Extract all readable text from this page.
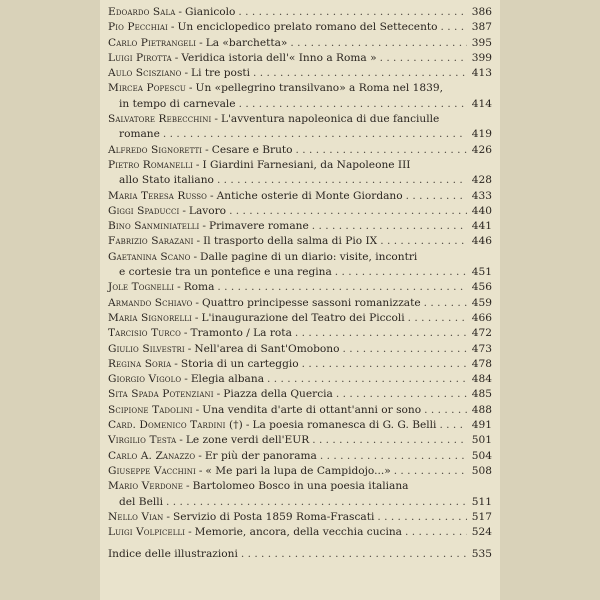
Edoardo Sala - Gianicolo . . .	386
Pio Pecchiai - Un enciclopedico prelato romano del Settecento . . .	387
Carlo Pietrangeli - La «barchetta» . . .	395
Luigi Pirotta - Veridica istoria dell'« Inno a Roma » . . .	399
Aulo Scisziano - Li tre posti . . .	413
Mircea Popescu - Un «pellegrino transilvano» a Roma nel 1839,
in tempo di carnevale . . .	414
Salvatore Rebecchini - L'avventura napoleonica di due fanciulle
romane . . .	419
Alfredo Signoretti - Cesare e Bruto . . .	426
Pietro Romanelli - I Giardini Farnesiani, da Napoleone III
allo Stato italiano . . .	428
Maria Teresa Russo - Antiche osterie di Monte Giordano . . .	433
Giggi Spaducci - Lavoro . . .	440
Bino Sanminiatelli - Primavere romane . . .	441
Fabrizio Sarazani - Il trasporto della salma di Pio IX . . .	446
Gaetanina Scano - Dalle pagine di un diario: visite, incontri
e cortesie tra un pontefice e una regina . . .	451
Jole Tognelli - Roma . . .	456
Armando Schiavo - Quattro principesse sassoni romanizzate . . .	459
Maria Signorelli - L'inaugurazione del Teatro dei Piccoli . . .	466
Tarcisio Turco - Tramonto / La rota . . .	472
Giulio Silvestri - Nell'area di Sant'Omobono . . .	473
Regina Soria - Storia di un carteggio . . .	478
Giorgio Vigolo - Elegia albana . . .	484
Sita Spada Potenziani - Piazza della Quercia . . .	485
Scipione Tadolini - Una vendita d'arte di ottant'anni or sono . . .	488
Card. Domenico Tardini (†) - La poesia romanesca di G. G. Belli . . .	491
Virgilio Testa - Le zone verdi dell'EUR . . .	501
Carlo A. Zanazzo - Er più der panorama . . .	504
Giuseppe Vacchini - « Me pari la lupa de Campidojo...» . . .	508
Mario Verdone - Bartolomeo Bosco in una poesia italiana
del Belli . . .	511
Nello Vian - Servizio di Posta 1859 Roma-Frascati . . .	517
Luigi Volpicelli - Memorie, ancora, della vecchia cucina . . .	524
Indice delle illustrazioni . . .	535
